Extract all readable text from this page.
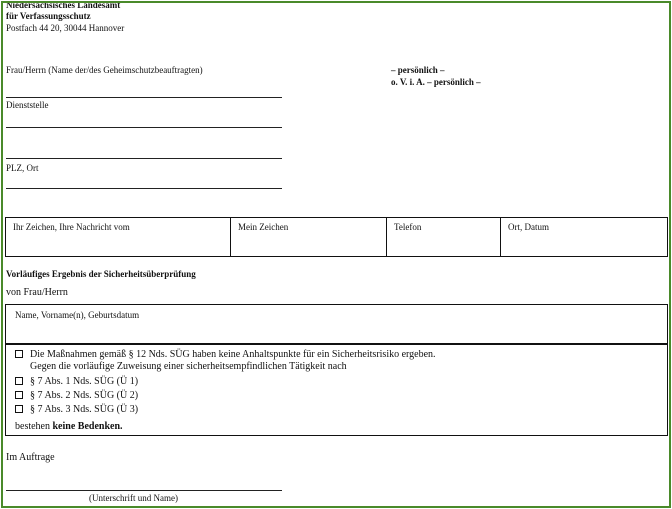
Niedersächsisches Landesamt
für Verfassungsschutz
Postfach 44 20, 30044 Hannover
Frau/Herrn (Name der/des Geheimschutzbeauftragten)
Dienststelle
PLZ, Ort
– persönlich –
o. V. i. A. – persönlich –
Ihr Zeichen, Ihre Nachricht vom	Mein Zeichen	Telefon	Ort, Datum
Vorläufiges Ergebnis der Sicherheitsüberprüfung
von Frau/Herrn
Name, Vorname(n), Geburtsdatum
Die Maßnahmen gemäß § 12 Nds. SÜG haben keine Anhaltspunkte für ein Sicherheitsrisiko ergeben.
Gegen die vorläufige Zuweisung einer sicherheitsempfindlichen Tätigkeit nach
§ 7 Abs. 1 Nds. SÜG (Ü 1)
§ 7 Abs. 2 Nds. SÜG (Ü 2)
§ 7 Abs. 3 Nds. SÜG (Ü 3)
bestehen keine Bedenken.
Im Auftrage
(Unterschrift und Name)
